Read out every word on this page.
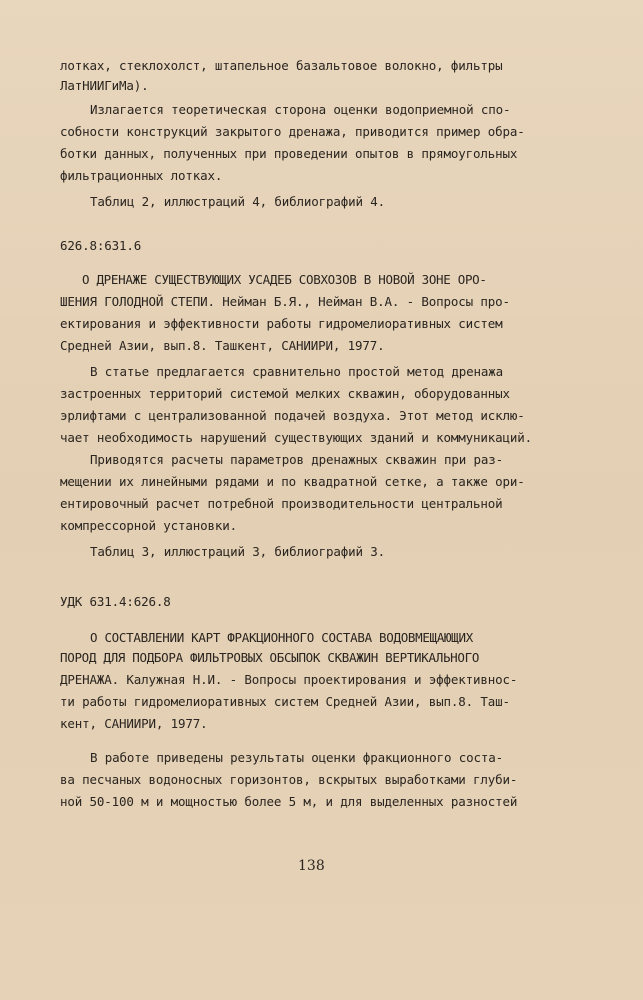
лотках, стеклохолст, штапельное базальтовое волокно, фильтры
ЛатНИИГиМа).
Излагается теоретическая сторона оценки водоприемной спо-
собности конструкций закрытого дренажа, приводится пример обра-
ботки данных, полученных при проведении опытов в прямоугольных
фильтрационных лотках.
Таблиц 2, иллюстраций 4, библиографий 4.
626.8:631.6
О ДРЕНАЖЕ СУЩЕСТВУЮЩИХ УСАДЕБ СОВХОЗОВ В НОВОЙ ЗОНЕ ОРО-
ШЕНИЯ ГОЛОДНОЙ СТЕПИ. Нейман Б.Я., Нейман В.А. - Вопросы про-
ектирования и эффективности работы гидромелиоративных систем
Средней Азии, вып.8. Ташкент, САНИИРИ, 1977.
В статье предлагается сравнительно простой метод дренажа
застроенных территорий системой мелких скважин, оборудованных
эрлифтами с централизованной подачей воздуха. Этот метод исклю-
чает необходимость нарушений существующих зданий и коммуникаций.
Приводятся расчеты параметров дренажных скважин при раз-
мещении их линейными рядами и по квадратной сетке, а также ори-
ентировочный расчет потребной производительности центральной
компрессорной установки.
Таблиц 3, иллюстраций 3, библиографий 3.
УДК 631.4:626.8
О СОСТАВЛЕНИИ КАРТ ФРАКЦИОННОГО СОСТАВА ВОДОВМЕЩАЮЩИХ
ПОРОД ДЛЯ ПОДБОРА ФИЛЬТРОВЫХ ОБСЫПОК СКВАЖИН ВЕРТИКАЛЬНОГО
ДРЕНАЖА. Калужная Н.И. - Вопросы проектирования и эффективнос-
ти работы гидромелиоративных систем Средней Азии, вып.8. Таш-
кент, САНИИРИ, 1977.
В работе приведены результаты оценки фракционного соста-
ва песчаных водоносных горизонтов, вскрытых выработками глуби-
ной 50-100 м и мощностью более 5 м, и для выделенных разностей
138
